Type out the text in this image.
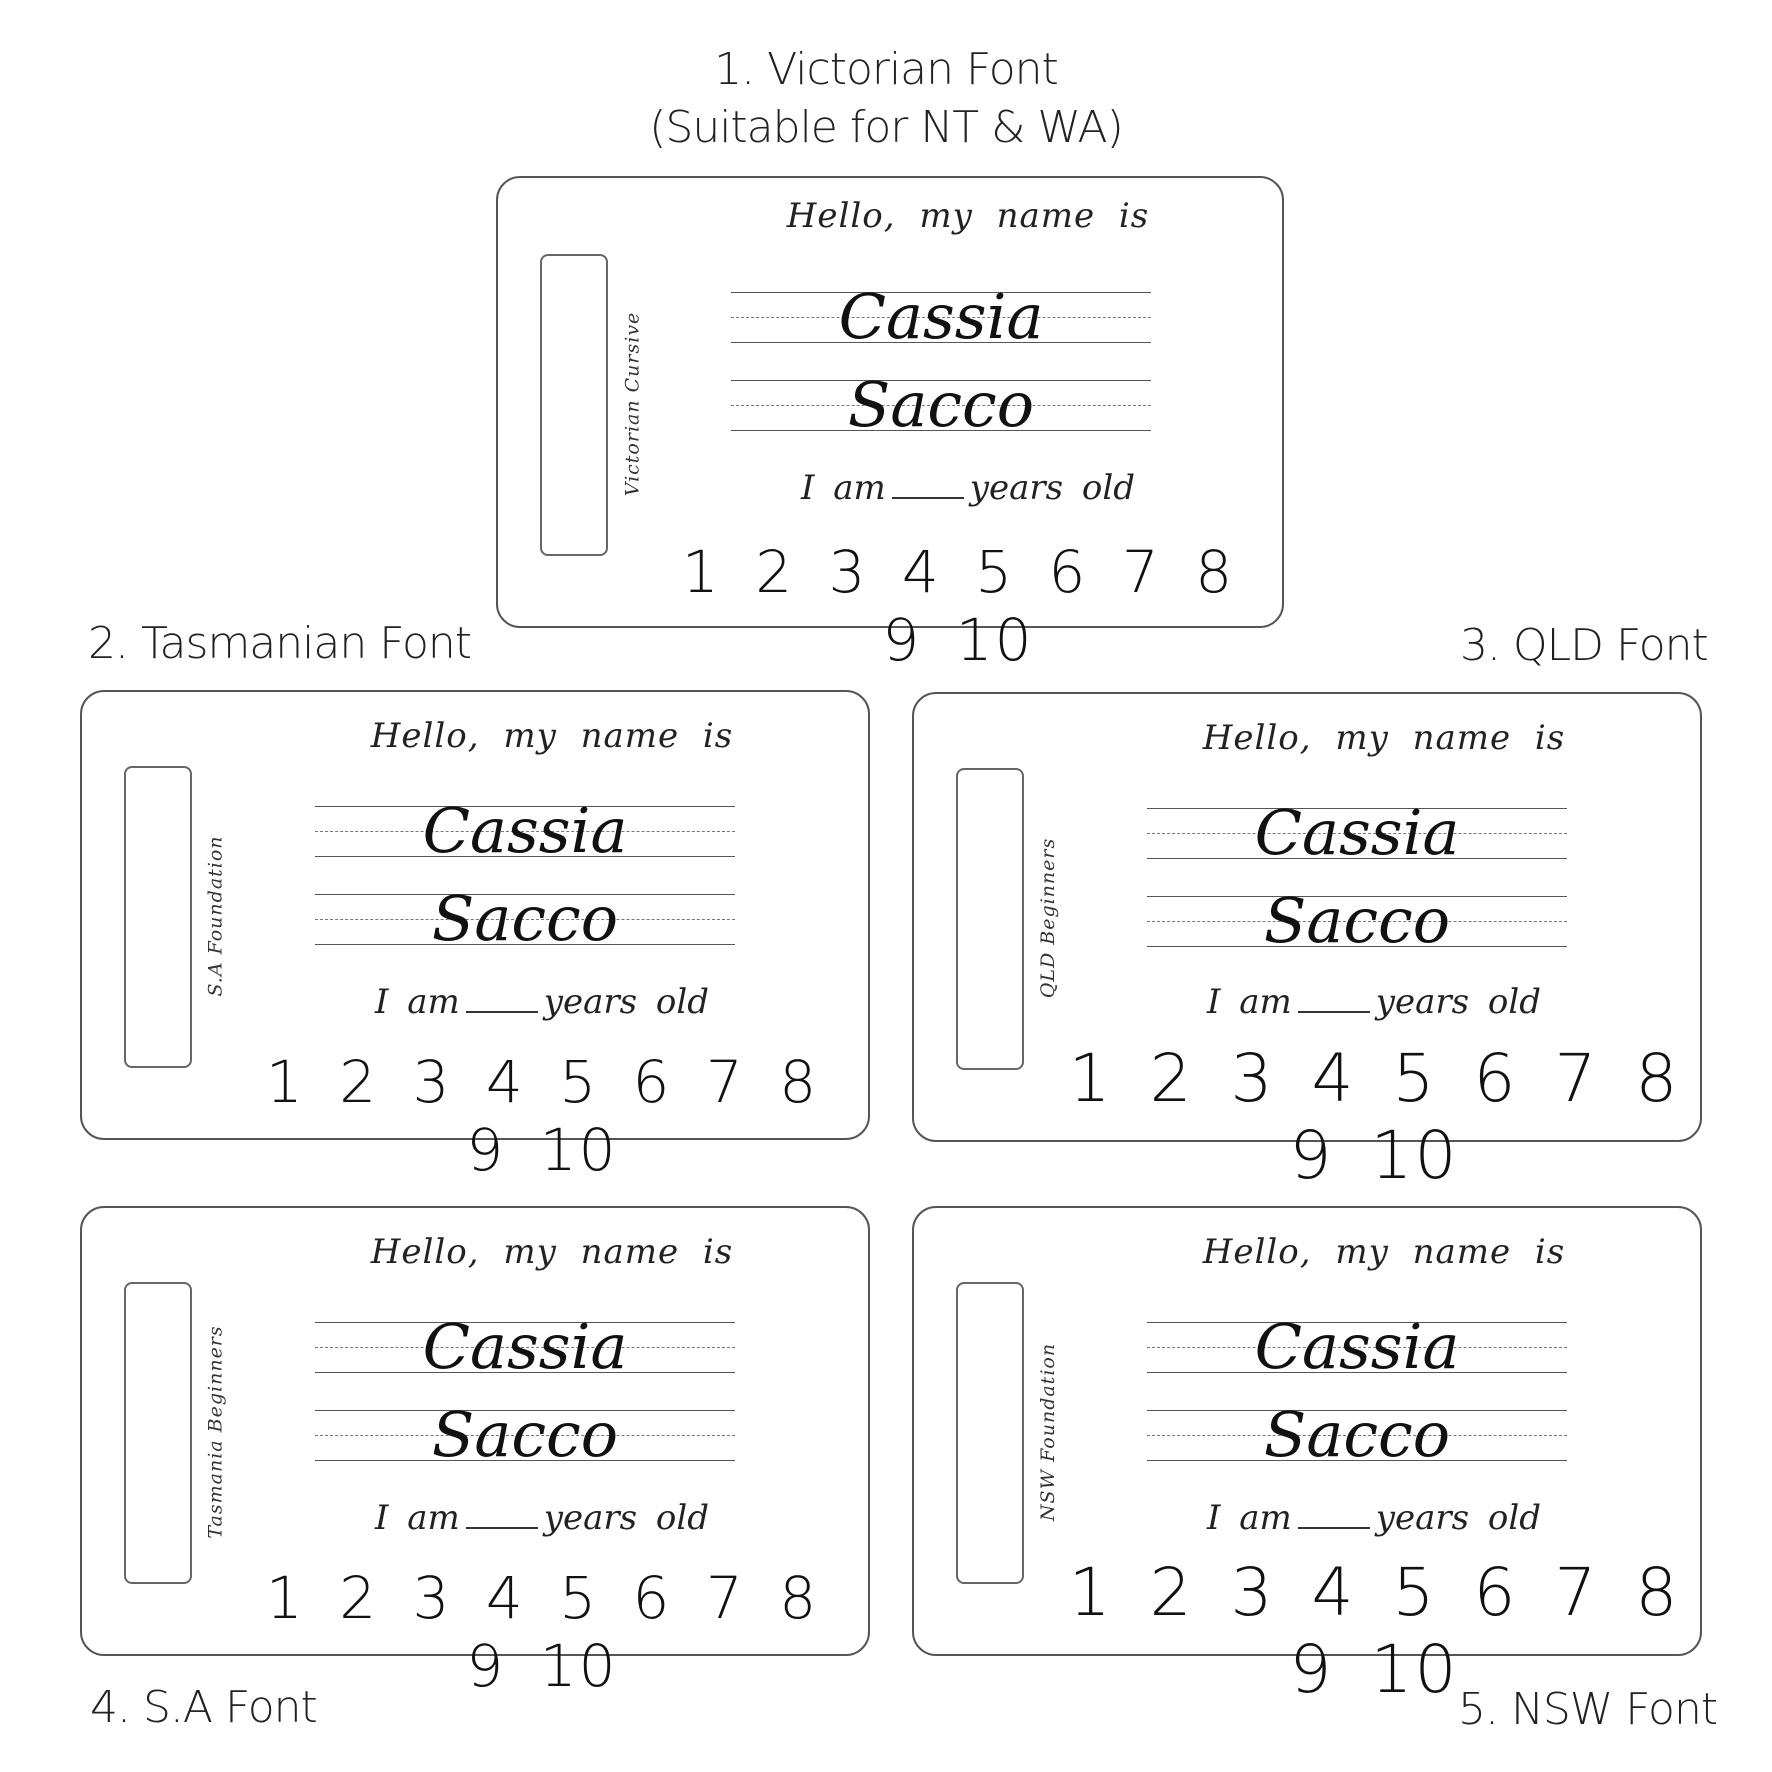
1. Victorian Font
(Suitable for NT & WA)
2. Tasmanian Font	3. QLD Font
4. S.A Font	5. NSW Font
Victorian Cursive
Hello, my name is
Cassia
Sacco
I am years old
1 2 3 4 5 6 7 8 9 10
S.A Foundation
Hello, my name is
Cassia
Sacco
I am years old
1 2 3 4 5 6 7 8 9 10
QLD Beginners
Hello, my name is
Cassia
Sacco
I am years old
1 2 3 4 5 6 7 8 9 10
Tasmania Beginners
Hello, my name is
Cassia
Sacco
I am years old
1 2 3 4 5 6 7 8 9 10
NSW Foundation
Hello, my name is
Cassia
Sacco
I am years old
1 2 3 4 5 6 7 8 9 10
